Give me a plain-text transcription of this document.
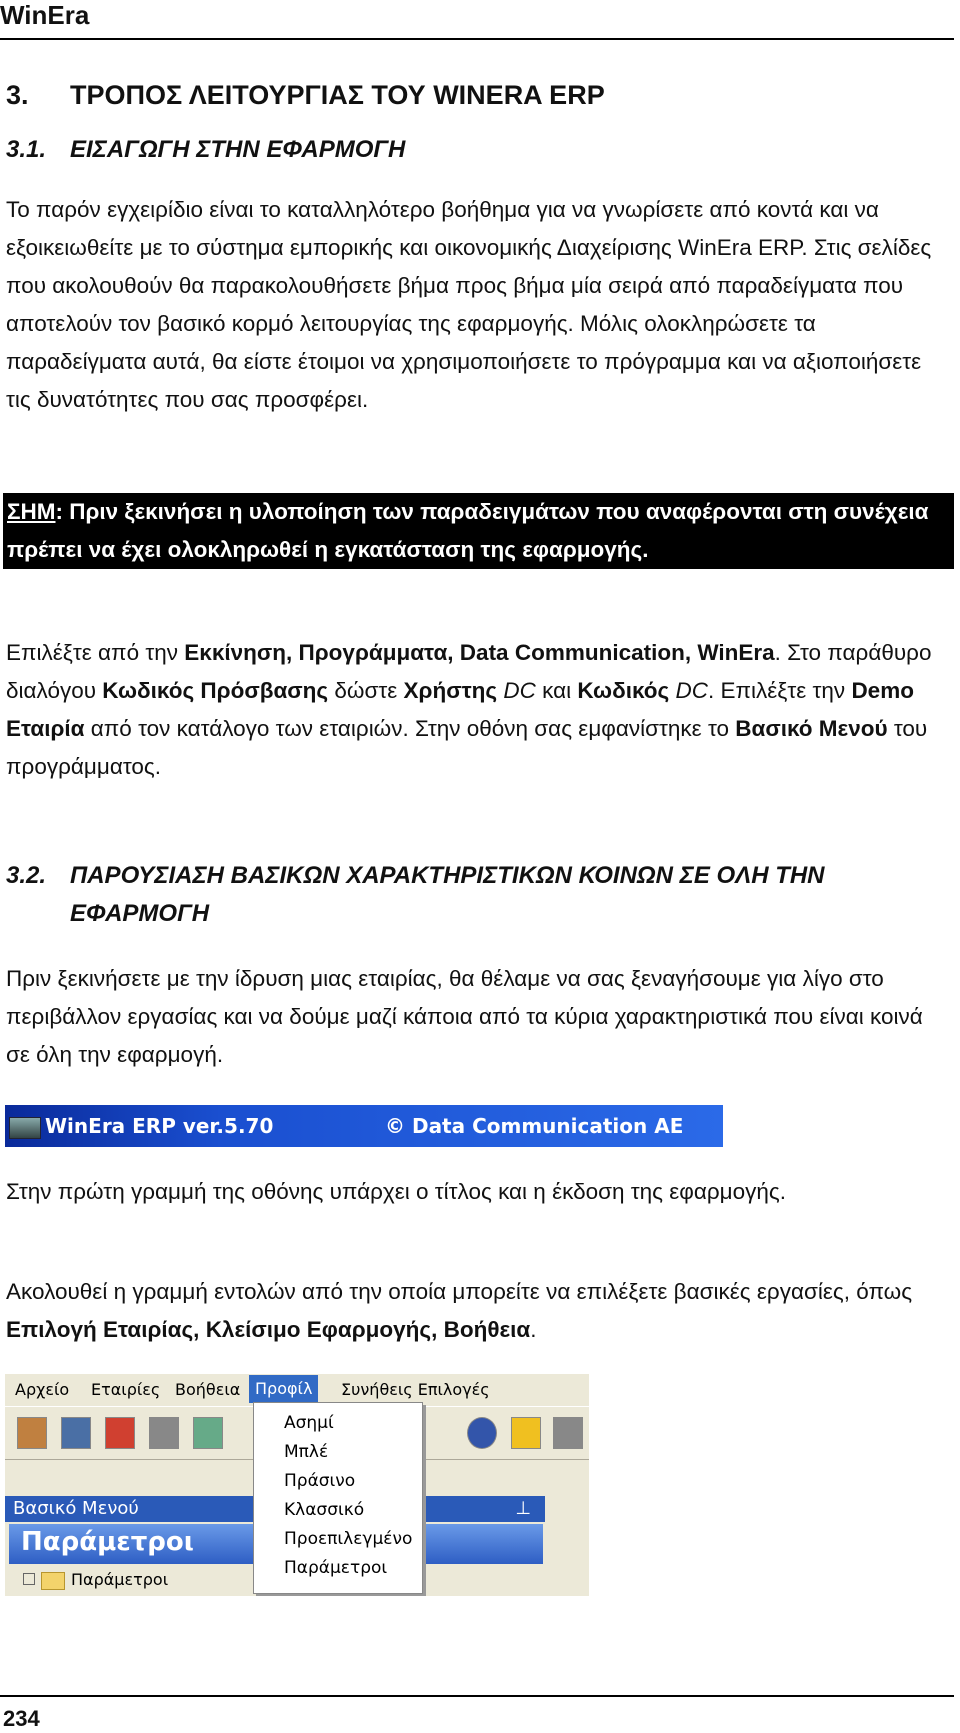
WinEra
3. ΤΡΟΠΟΣ ΛΕΙΤΟΥΡΓΙΑΣ ΤΟΥ WINERA ERP
3.1. ΕΙΣΑΓΩΓΗ ΣΤΗΝ ΕΦΑΡΜΟΓΗ
Το παρόν εγχειρίδιο είναι το καταλληλότερο βοήθημα για να γνωρίσετε από κοντά και να εξοικειωθείτε με το σύστημα εμπορικής και οικονομικής Διαχείρισης WinEra ERP. Στις σελίδες που ακολουθούν θα παρακολουθήσετε βήμα προς βήμα μία σειρά από παραδείγματα που αποτελούν τον βασικό κορμό λειτουργίας της εφαρμογής. Μόλις ολοκληρώσετε τα παραδείγματα αυτά, θα είστε έτοιμοι να χρησιμοποιήσετε το πρόγραμμα και να αξιοποιήσετε τις δυνατότητες που σας προσφέρει.
ΣΗΜ: Πριν ξεκινήσει η υλοποίηση των παραδειγμάτων που αναφέρονται στη συνέχεια πρέπει να έχει ολοκληρωθεί η εγκατάσταση της εφαρμογής.
Επιλέξτε από την Εκκίνηση, Προγράμματα, Data Communication, WinEra. Στο παράθυρο διαλόγου Κωδικός Πρόσβασης δώστε Χρήστης DC και Κωδικός DC. Επιλέξτε την Demo Εταιρία από τον κατάλογο των εταιριών. Στην οθόνη σας εμφανίστηκε το Βασικό Μενού του προγράμματος.
3.2. ΠΑΡΟΥΣΙΑΣΗ ΒΑΣΙΚΩΝ ΧΑΡΑΚΤΗΡΙΣΤΙΚΩΝ ΚΟΙΝΩΝ ΣΕ ΟΛΗ ΤΗΝ
ΕΦΑΡΜΟΓΗ
Πριν ξεκινήσετε με την ίδρυση μιας εταιρίας, θα θέλαμε να σας ξεναγήσουμε για λίγο στο περιβάλλον εργασίας και να δούμε μαζί κάποια από τα κύρια χαρακτηριστικά που είναι κοινά σε όλη την εφαρμογή.
WinEra ERP ver.5.70	© Data Communication AE
Στην πρώτη γραμμή της οθόνης υπάρχει ο τίτλος και η έκδοση της εφαρμογής.
Ακολουθεί η γραμμή εντολών από την οποία μπορείτε να επιλέξετε βασικές εργασίες, όπως Επιλογή Εταιρίας, Κλείσιμο Εφαρμογής, Βοήθεια.
Αρχείο Εταιρίες Βοήθεια Προφίλ	Συνήθεις Επιλογές
Βασικό Μενού	⊥
Παράμετροι
Παράμετροι
Ασημί
Μπλέ
Πράσινο
Κλασσικό
Προεπιλεγμένο
Παράμετροι
234
